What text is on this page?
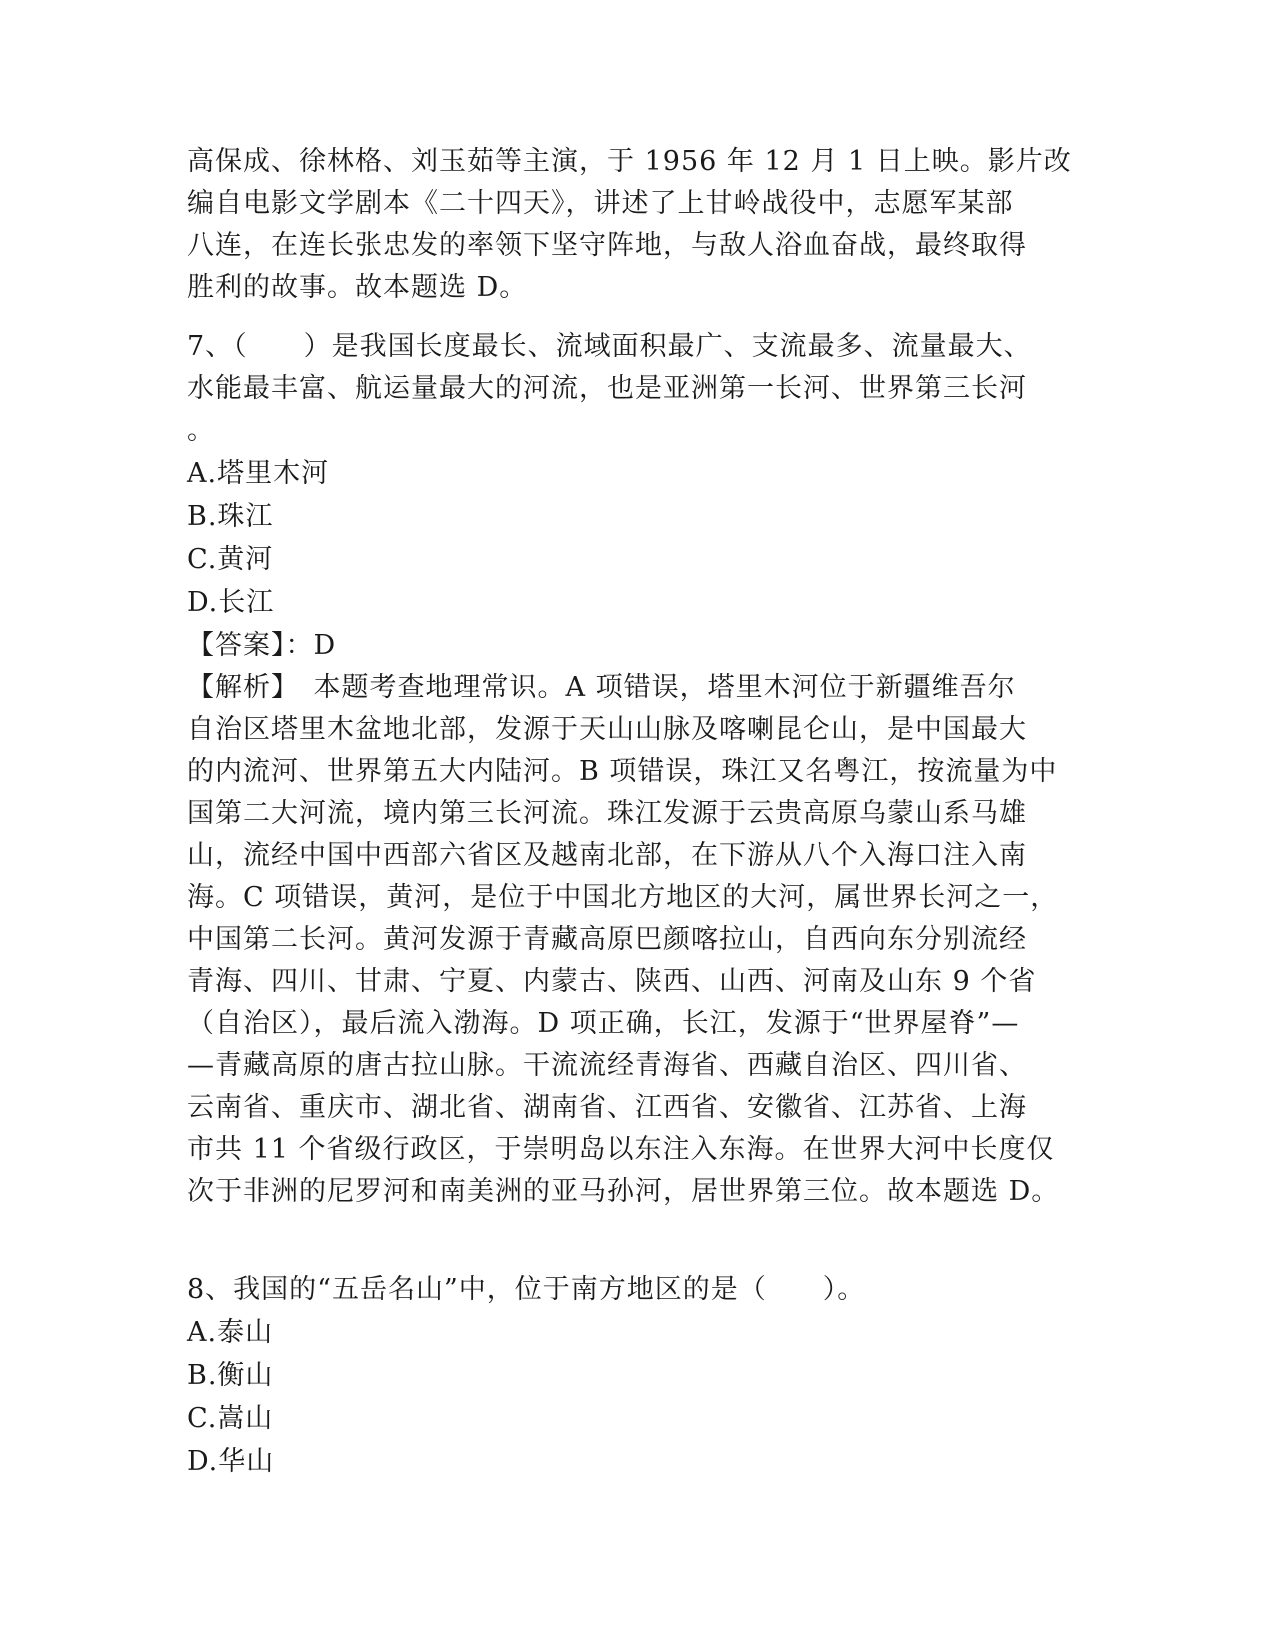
高保成、徐林格、刘玉茹等主演，于 1956 年 12 月 1 日上映。影片改
编自电影文学剧本《二十四天》，讲述了上甘岭战役中，志愿军某部
八连，在连长张忠发的率领下坚守阵地，与敌人浴血奋战，最终取得
胜利的故事。故本题选 D。
7、（　　）是我国长度最长、流域面积最广、支流最多、流量最大、
水能最丰富、航运量最大的河流，也是亚洲第一长河、世界第三长河
。
A.塔里木河
B.珠江
C.黄河
D.长江
【答案】：D
【解析】　本题考查地理常识。A 项错误，塔里木河位于新疆维吾尔
自治区塔里木盆地北部，发源于天山山脉及喀喇昆仑山，是中国最大
的内流河、世界第五大内陆河。B 项错误，珠江又名粤江，按流量为中
国第二大河流，境内第三长河流。珠江发源于云贵高原乌蒙山系马雄
山，流经中国中西部六省区及越南北部，在下游从八个入海口注入南
海。C 项错误，黄河，是位于中国北方地区的大河，属世界长河之一，
中国第二长河。黄河发源于青藏高原巴颜喀拉山，自西向东分别流经
青海、四川、甘肃、宁夏、内蒙古、陕西、山西、河南及山东 9 个省
（自治区），最后流入渤海。D 项正确，长江，发源于“世界屋脊”—
—青藏高原的唐古拉山脉。干流流经青海省、西藏自治区、四川省、
云南省、重庆市、湖北省、湖南省、江西省、安徽省、江苏省、上海
市共 11 个省级行政区，于崇明岛以东注入东海。在世界大河中长度仅
次于非洲的尼罗河和南美洲的亚马孙河，居世界第三位。故本题选 D。
8、我国的“五岳名山”中，位于南方地区的是（　　）。
A.泰山
B.衡山
C.嵩山
D.华山
